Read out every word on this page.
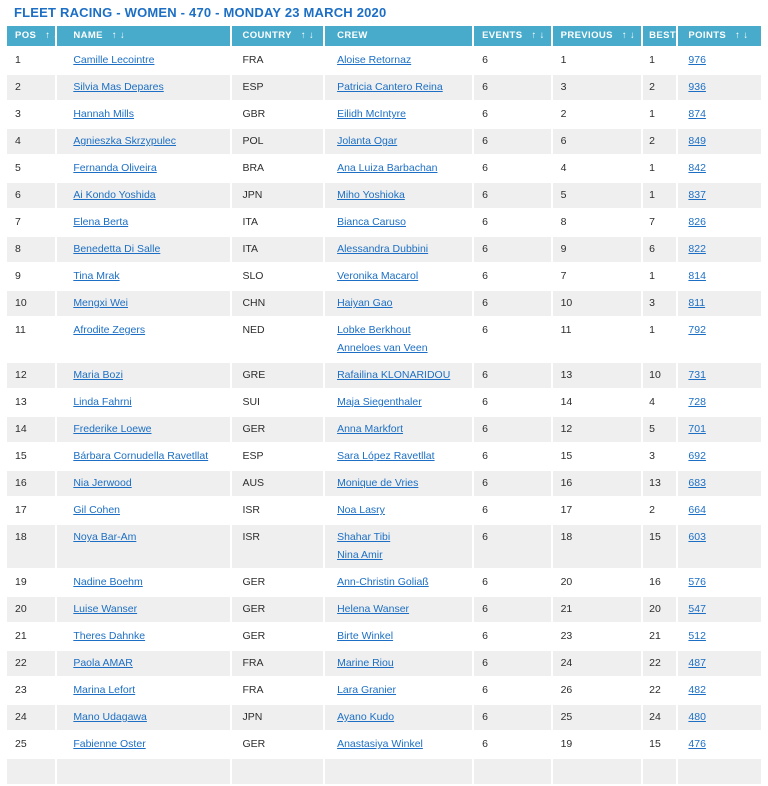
FLEET RACING - WOMEN - 470 - MONDAY 23 MARCH 2020
POS ↑ ↓	NAME ↑ ↓	COUNTRY ↑ ↓	CREW	EVENTS ↑ ↓	PREVIOUS ↑ ↓	BEST	POINTS ↑ ↓
1	Camille Lecointre	FRA	Aloise Retornaz	6	1	1	976
2	Silvia Mas Depares	ESP	Patricia Cantero Reina	6	3	2	936
3	Hannah Mills	GBR	Eilidh McIntyre	6	2	1	874
4	Agnieszka Skrzypulec	POL	Jolanta Ogar	6	6	2	849
5	Fernanda Oliveira	BRA	Ana Luiza Barbachan	6	4	1	842
6	Ai Kondo Yoshida	JPN	Miho Yoshioka	6	5	1	837
7	Elena Berta	ITA	Bianca Caruso	6	8	7	826
8	Benedetta Di Salle	ITA	Alessandra Dubbini	6	9	6	822
9	Tina Mrak	SLO	Veronika Macarol	6	7	1	814
10	Mengxi Wei	CHN	Haiyan Gao	6	10	3	811
11	Afrodite Zegers	NED	Lobke Berkhout
Anneloes van Veen	6	11	1	792
12	Maria Bozi	GRE	Rafailina KLONARIDOU	6	13	10	731
13	Linda Fahrni	SUI	Maja Siegenthaler	6	14	4	728
14	Frederike Loewe	GER	Anna Markfort	6	12	5	701
15	Bárbara Cornudella Ravetllat	ESP	Sara López Ravetllat	6	15	3	692
16	Nia Jerwood	AUS	Monique de Vries	6	16	13	683
17	Gil Cohen	ISR	Noa Lasry	6	17	2	664
18	Noya Bar-Am	ISR	Shahar Tibi
Nina Amir	6	18	15	603
19	Nadine Boehm	GER	Ann-Christin Goliaß	6	20	16	576
20	Luise Wanser	GER	Helena Wanser	6	21	20	547
21	Theres Dahnke	GER	Birte Winkel	6	23	21	512
22	Paola AMAR	FRA	Marine Riou	6	24	22	487
23	Marina Lefort	FRA	Lara Granier	6	26	22	482
24	Mano Udagawa	JPN	Ayano Kudo	6	25	24	480
25	Fabienne Oster	GER	Anastasiya Winkel	6	19	15	476
